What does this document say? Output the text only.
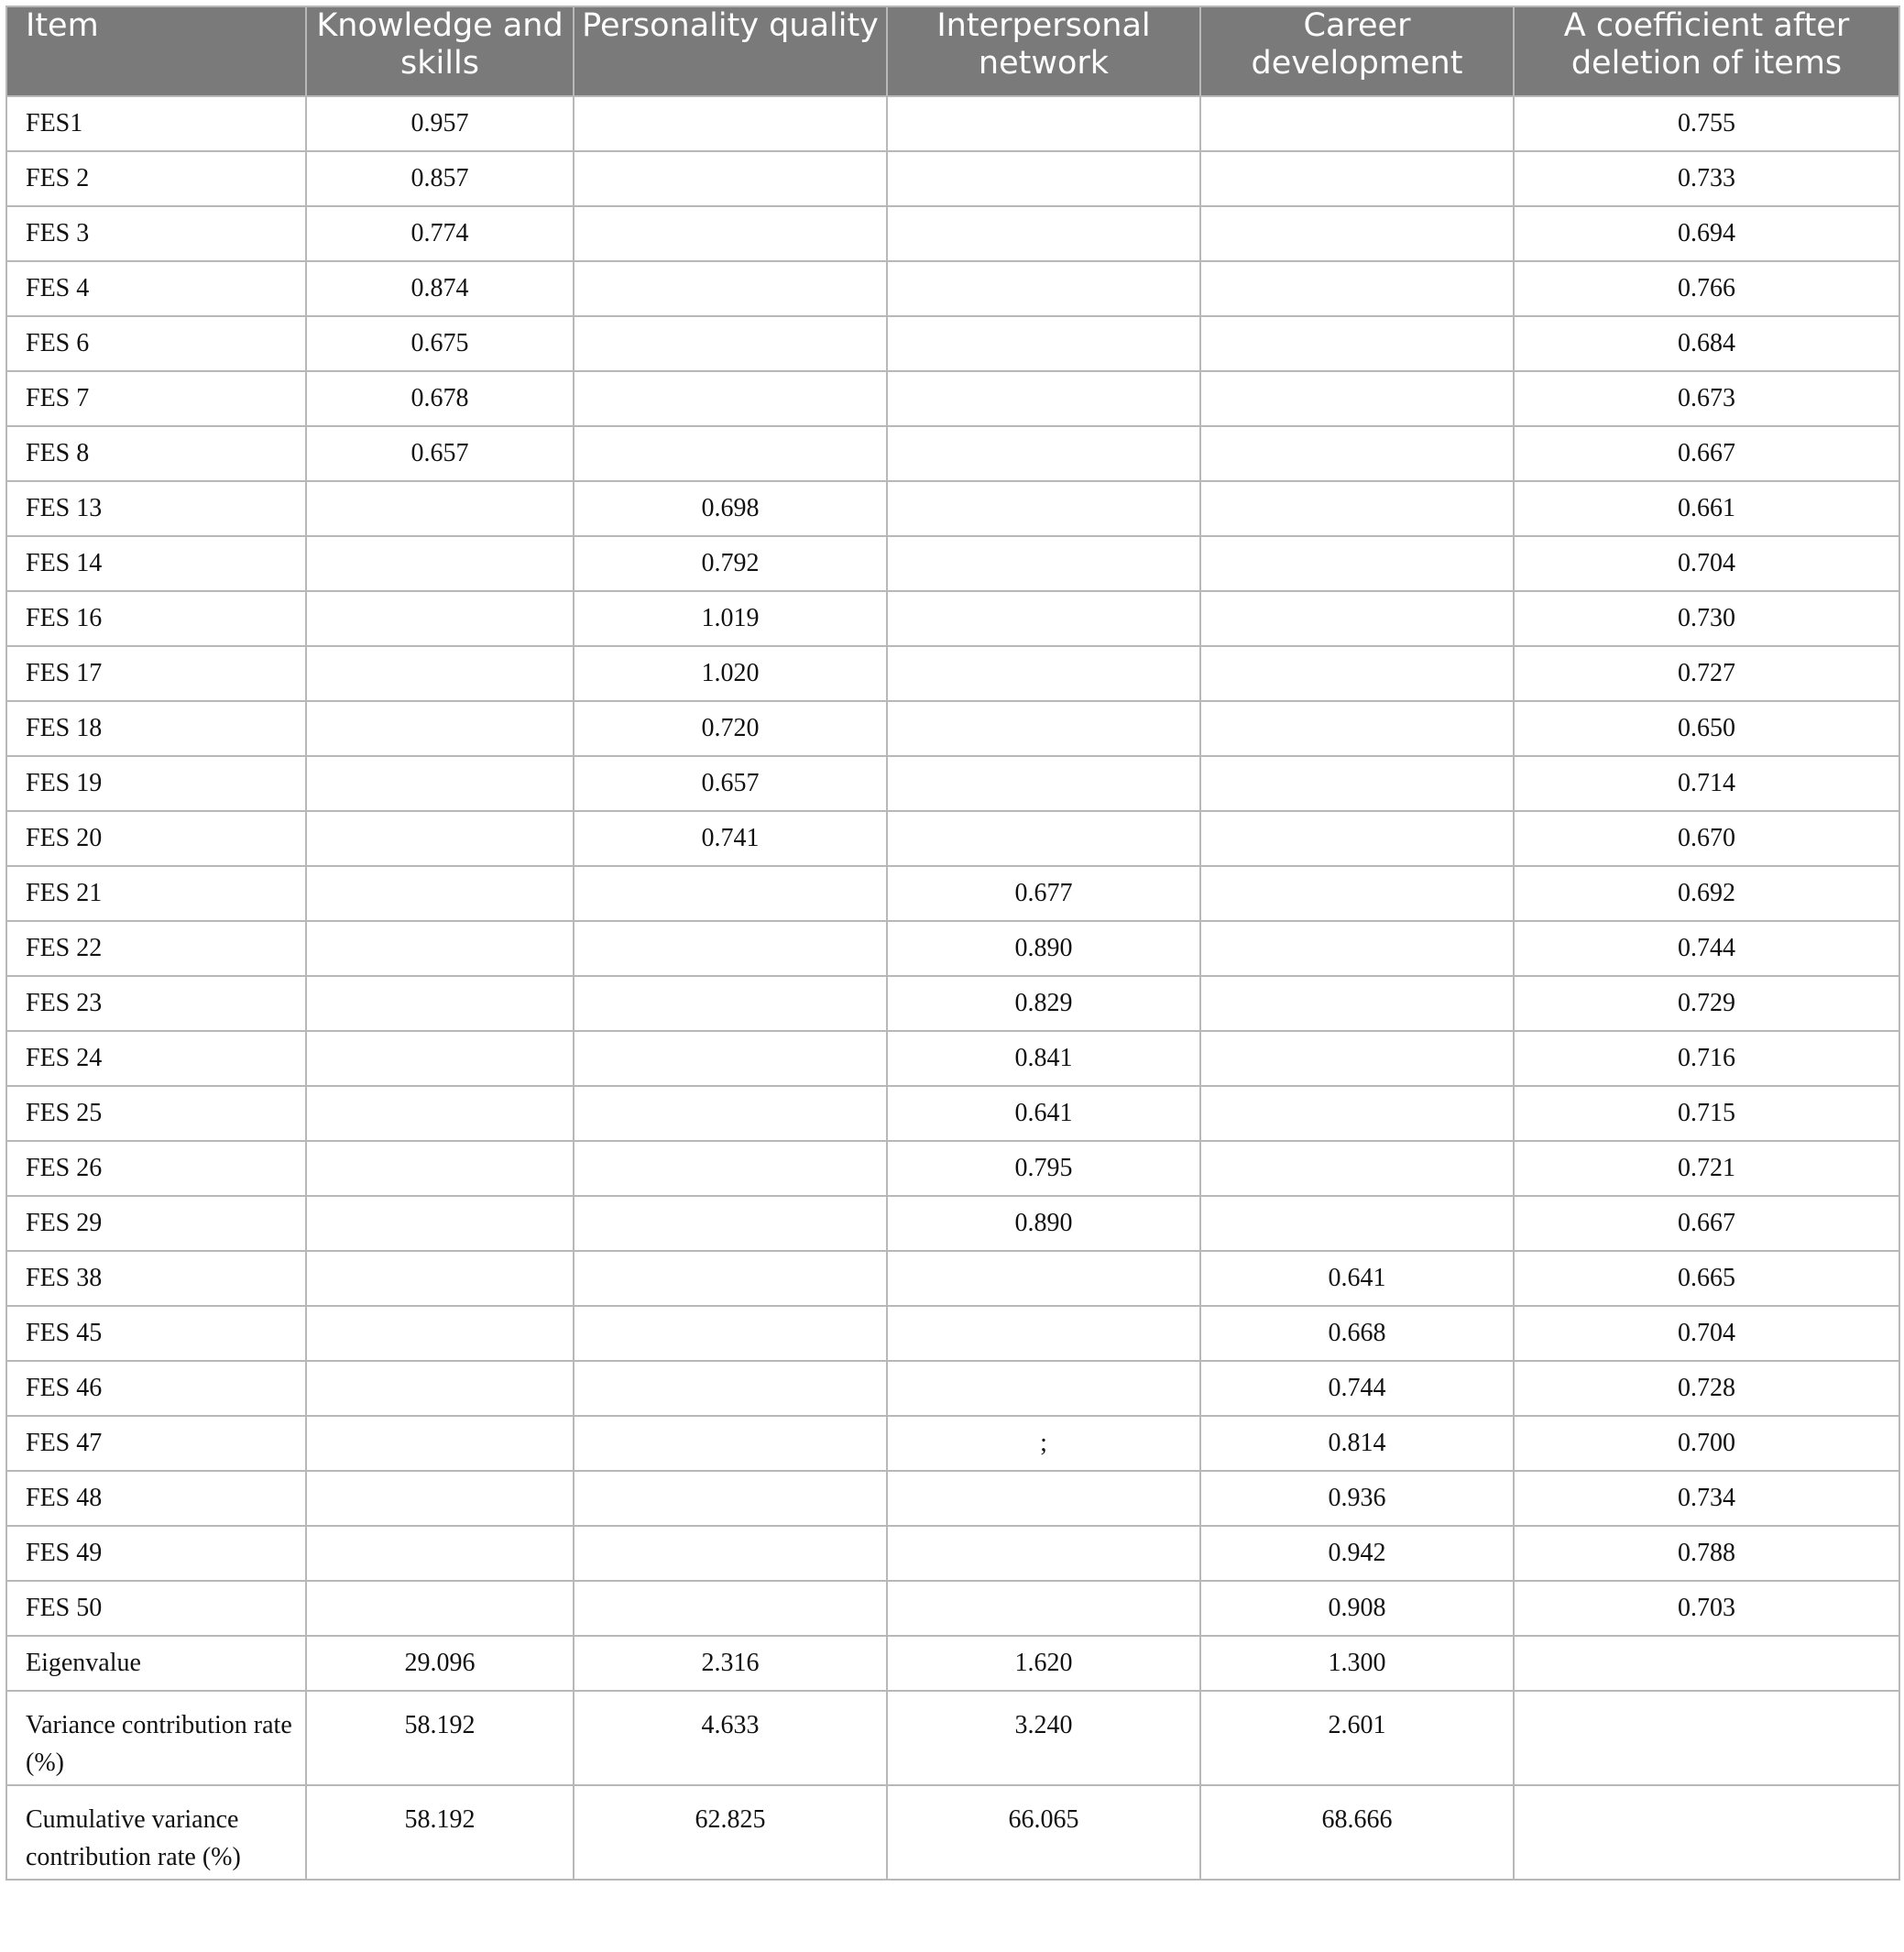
Item	Knowledge and skills	Personality quality	Interpersonal network	Career development	A coefficient after deletion of items
FES1	0.957				0.755
FES 2	0.857				0.733
FES 3	0.774				0.694
FES 4	0.874				0.766
FES 6	0.675				0.684
FES 7	0.678				0.673
FES 8	0.657				0.667
FES 13		0.698			0.661
FES 14		0.792			0.704
FES 16		1.019			0.730
FES 17		1.020			0.727
FES 18		0.720			0.650
FES 19		0.657			0.714
FES 20		0.741			0.670
FES 21			0.677		0.692
FES 22			0.890		0.744
FES 23			0.829		0.729
FES 24			0.841		0.716
FES 25			0.641		0.715
FES 26			0.795		0.721
FES 29			0.890		0.667
FES 38				0.641	0.665
FES 45				0.668	0.704
FES 46				0.744	0.728
FES 47			;	0.814	0.700
FES 48				0.936	0.734
FES 49				0.942	0.788
FES 50				0.908	0.703
Eigenvalue	29.096	2.316	1.620	1.300	
Variance contribution rate (%)	58.192	4.633	3.240	2.601	
Cumulative variance contribution rate (%)	58.192	62.825	66.065	68.666	
